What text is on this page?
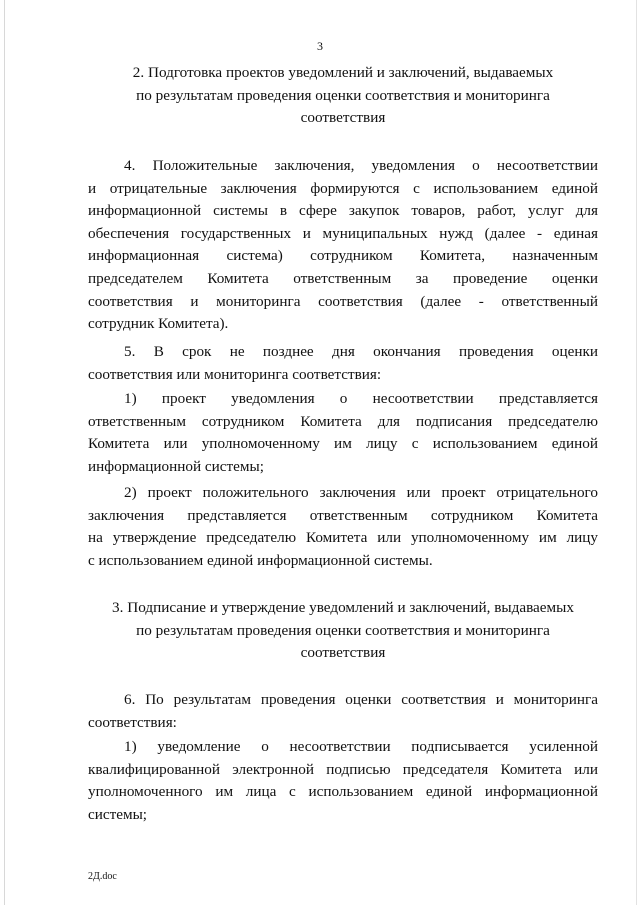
3
2. Подготовка проектов уведомлений и заключений, выдаваемых
по результатам проведения оценки соответствия и мониторинга
соответствия
4. Положительные заключения, уведомления о несоответствии
и отрицательные заключения формируются с использованием единой
информационной системы в сфере закупок товаров, работ, услуг для
обеспечения государственных и муниципальных нужд (далее - единая
информационная система) сотрудником Комитета, назначенным
председателем Комитета ответственным за проведение оценки
соответствия и мониторинга соответствия (далее - ответственный
сотрудник Комитета).
5. В срок не позднее дня окончания проведения оценки
соответствия или мониторинга соответствия:
1) проект уведомления о несоответствии представляется
ответственным сотрудником Комитета для подписания председателю
Комитета или уполномоченному им лицу с использованием единой
информационной системы;
2) проект положительного заключения или проект отрицательного
заключения представляется ответственным сотрудником Комитета
на утверждение председателю Комитета или уполномоченному им лицу
с использованием единой информационной системы.
3. Подписание и утверждение уведомлений и заключений, выдаваемых
по результатам проведения оценки соответствия и мониторинга
соответствия
6. По результатам проведения оценки соответствия и мониторинга
соответствия:
1) уведомление о несоответствии подписывается усиленной
квалифицированной электронной подписью председателя Комитета или
уполномоченного им лица с использованием единой информационной
системы;
2Д.doc
